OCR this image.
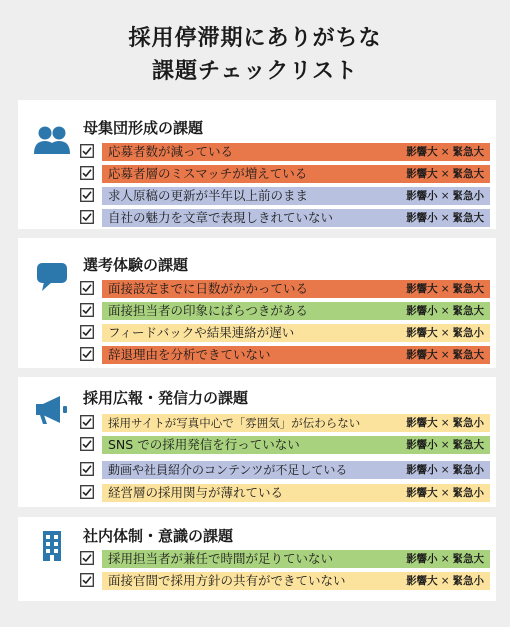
採用停滞期にありがちな
課題チェックリスト
母集団形成の課題
応募者数が減っている	影響大 × 緊急大
応募者層のミスマッチが増えている	影響大 × 緊急大
求人原稿の更新が半年以上前のまま	影響小 × 緊急小
自社の魅力を文章で表現しきれていない	影響小 × 緊急大
選考体験の課題
面接設定までに日数がかかっている	影響大 × 緊急大
面接担当者の印象にばらつきがある	影響小 × 緊急大
フィードバックや結果連絡が遅い	影響大 × 緊急小
辞退理由を分析できていない	影響大 × 緊急大
採用広報・発信力の課題
採用サイトが写真中心で「雰囲気」が伝わらない	影響大 × 緊急小
SNS での採用発信を行っていない	影響小 × 緊急大
動画や社員紹介のコンテンツが不足している	影響小 × 緊急小
経営層の採用関与が薄れている	影響大 × 緊急小
社内体制・意識の課題
採用担当者が兼任で時間が足りていない	影響小 × 緊急大
面接官間で採用方針の共有ができていない	影響大 × 緊急小
